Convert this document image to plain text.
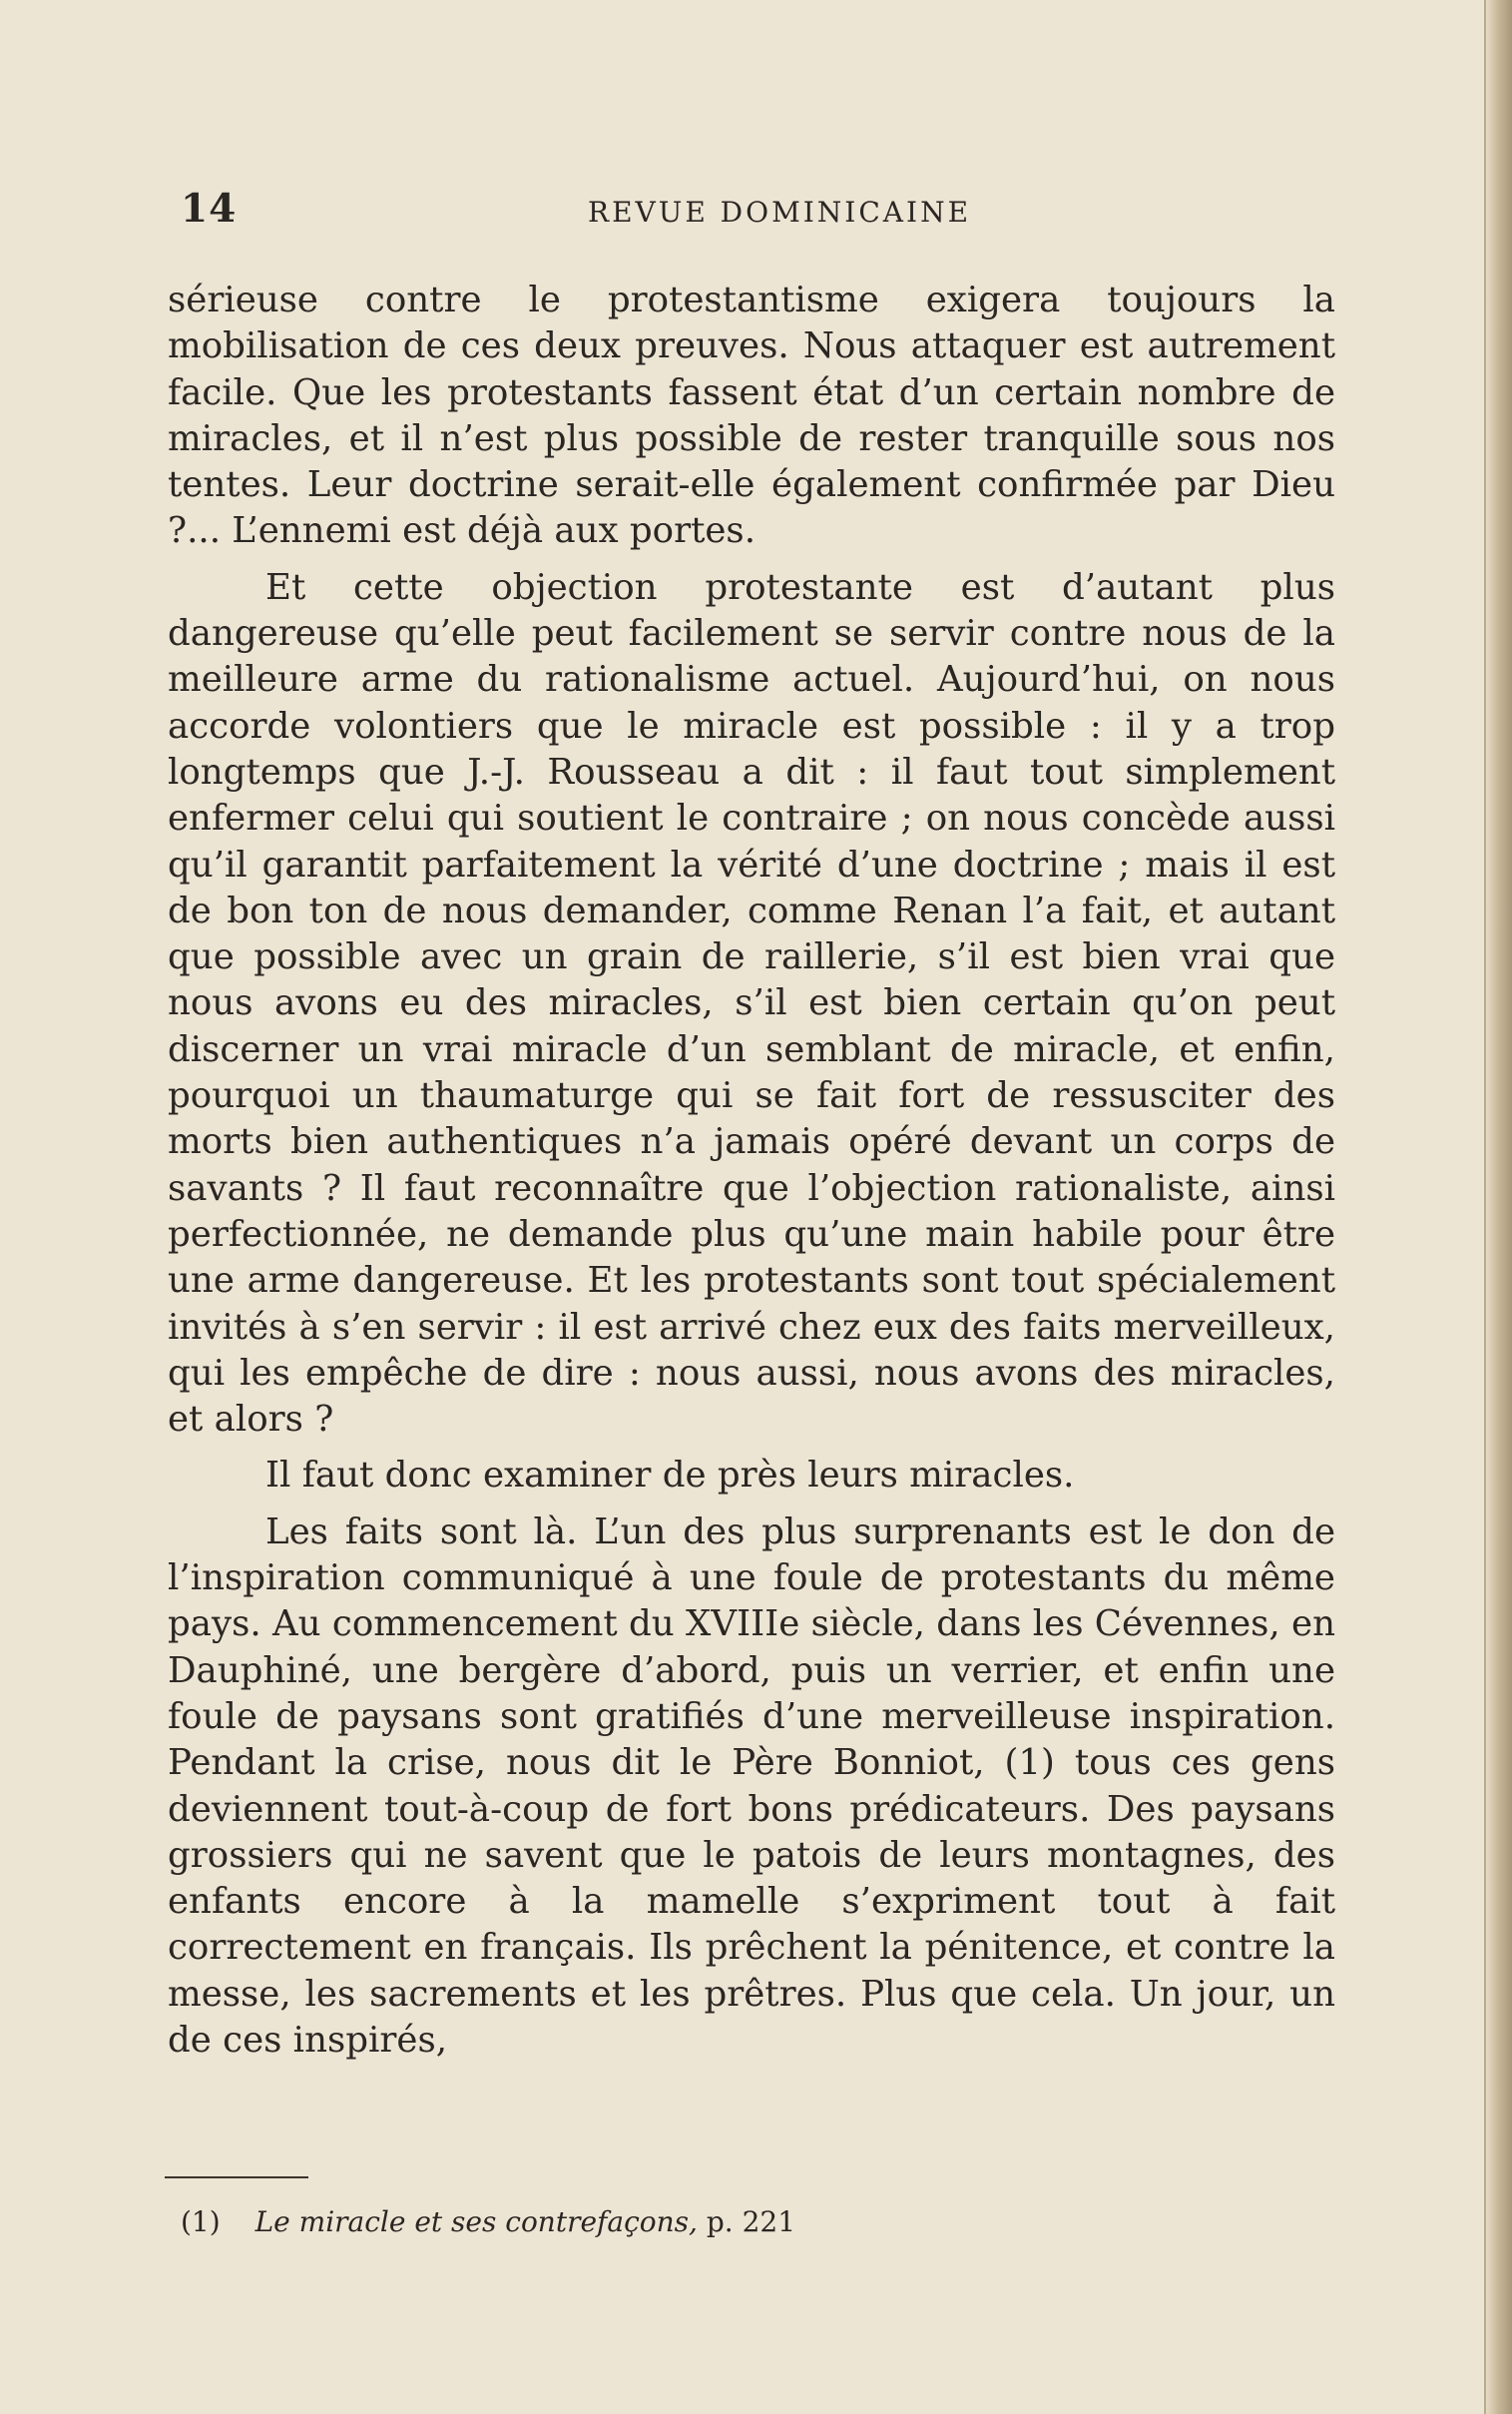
14	REVUE DOMINICAINE

sérieuse contre le protestantisme exigera toujours la mobilisation de ces deux preuves. Nous attaquer est autrement facile. Que les protestants fassent état d’un certain nombre de miracles, et il n’est plus possible de rester tranquille sous nos tentes. Leur doctrine serait-elle également confirmée par Dieu ?... L’ennemi est déjà aux portes.

Et cette objection protestante est d’autant plus dangereuse qu’elle peut facilement se servir contre nous de la meilleure arme du rationalisme actuel. Aujourd’hui, on nous accorde volontiers que le miracle est possible : il y a trop longtemps que J.-J. Rousseau a dit : il faut tout simplement enfermer celui qui soutient le contraire ; on nous concède aussi qu’il garantit parfaitement la vérité d’une doctrine ; mais il est de bon ton de nous demander, comme Renan l’a fait, et autant que possible avec un grain de raillerie, s’il est bien vrai que nous avons eu des miracles, s’il est bien certain qu’on peut discerner un vrai miracle d’un semblant de miracle, et enfin, pourquoi un thaumaturge qui se fait fort de ressusciter des morts bien authentiques n’a jamais opéré devant un corps de savants ? Il faut reconnaître que l’objection rationaliste, ainsi perfectionnée, ne demande plus qu’une main habile pour être une arme dangereuse. Et les protestants sont tout spécialement invités à s’en servir : il est arrivé chez eux des faits merveilleux, qui les empêche de dire : nous aussi, nous avons des miracles, et alors ?

Il faut donc examiner de près leurs miracles.

Les faits sont là. L’un des plus surprenants est le don de l’inspiration communiqué à une foule de protestants du même pays. Au commencement du XVIIIe siècle, dans les Cévennes, en Dauphiné, une bergère d’abord, puis un verrier, et enfin une foule de paysans sont gratifiés d’une merveilleuse inspiration. Pendant la crise, nous dit le Père Bonniot, (1) tous ces gens deviennent tout-à-coup de fort bons prédicateurs. Des paysans grossiers qui ne savent que le patois de leurs montagnes, des enfants encore à la mamelle s’expriment tout à fait correctement en français. Ils prêchent la pénitence, et contre la messe, les sacrements et les prêtres. Plus que cela. Un jour, un de ces inspirés,

(1) Le miracle et ses contrefaçons, p. 221
